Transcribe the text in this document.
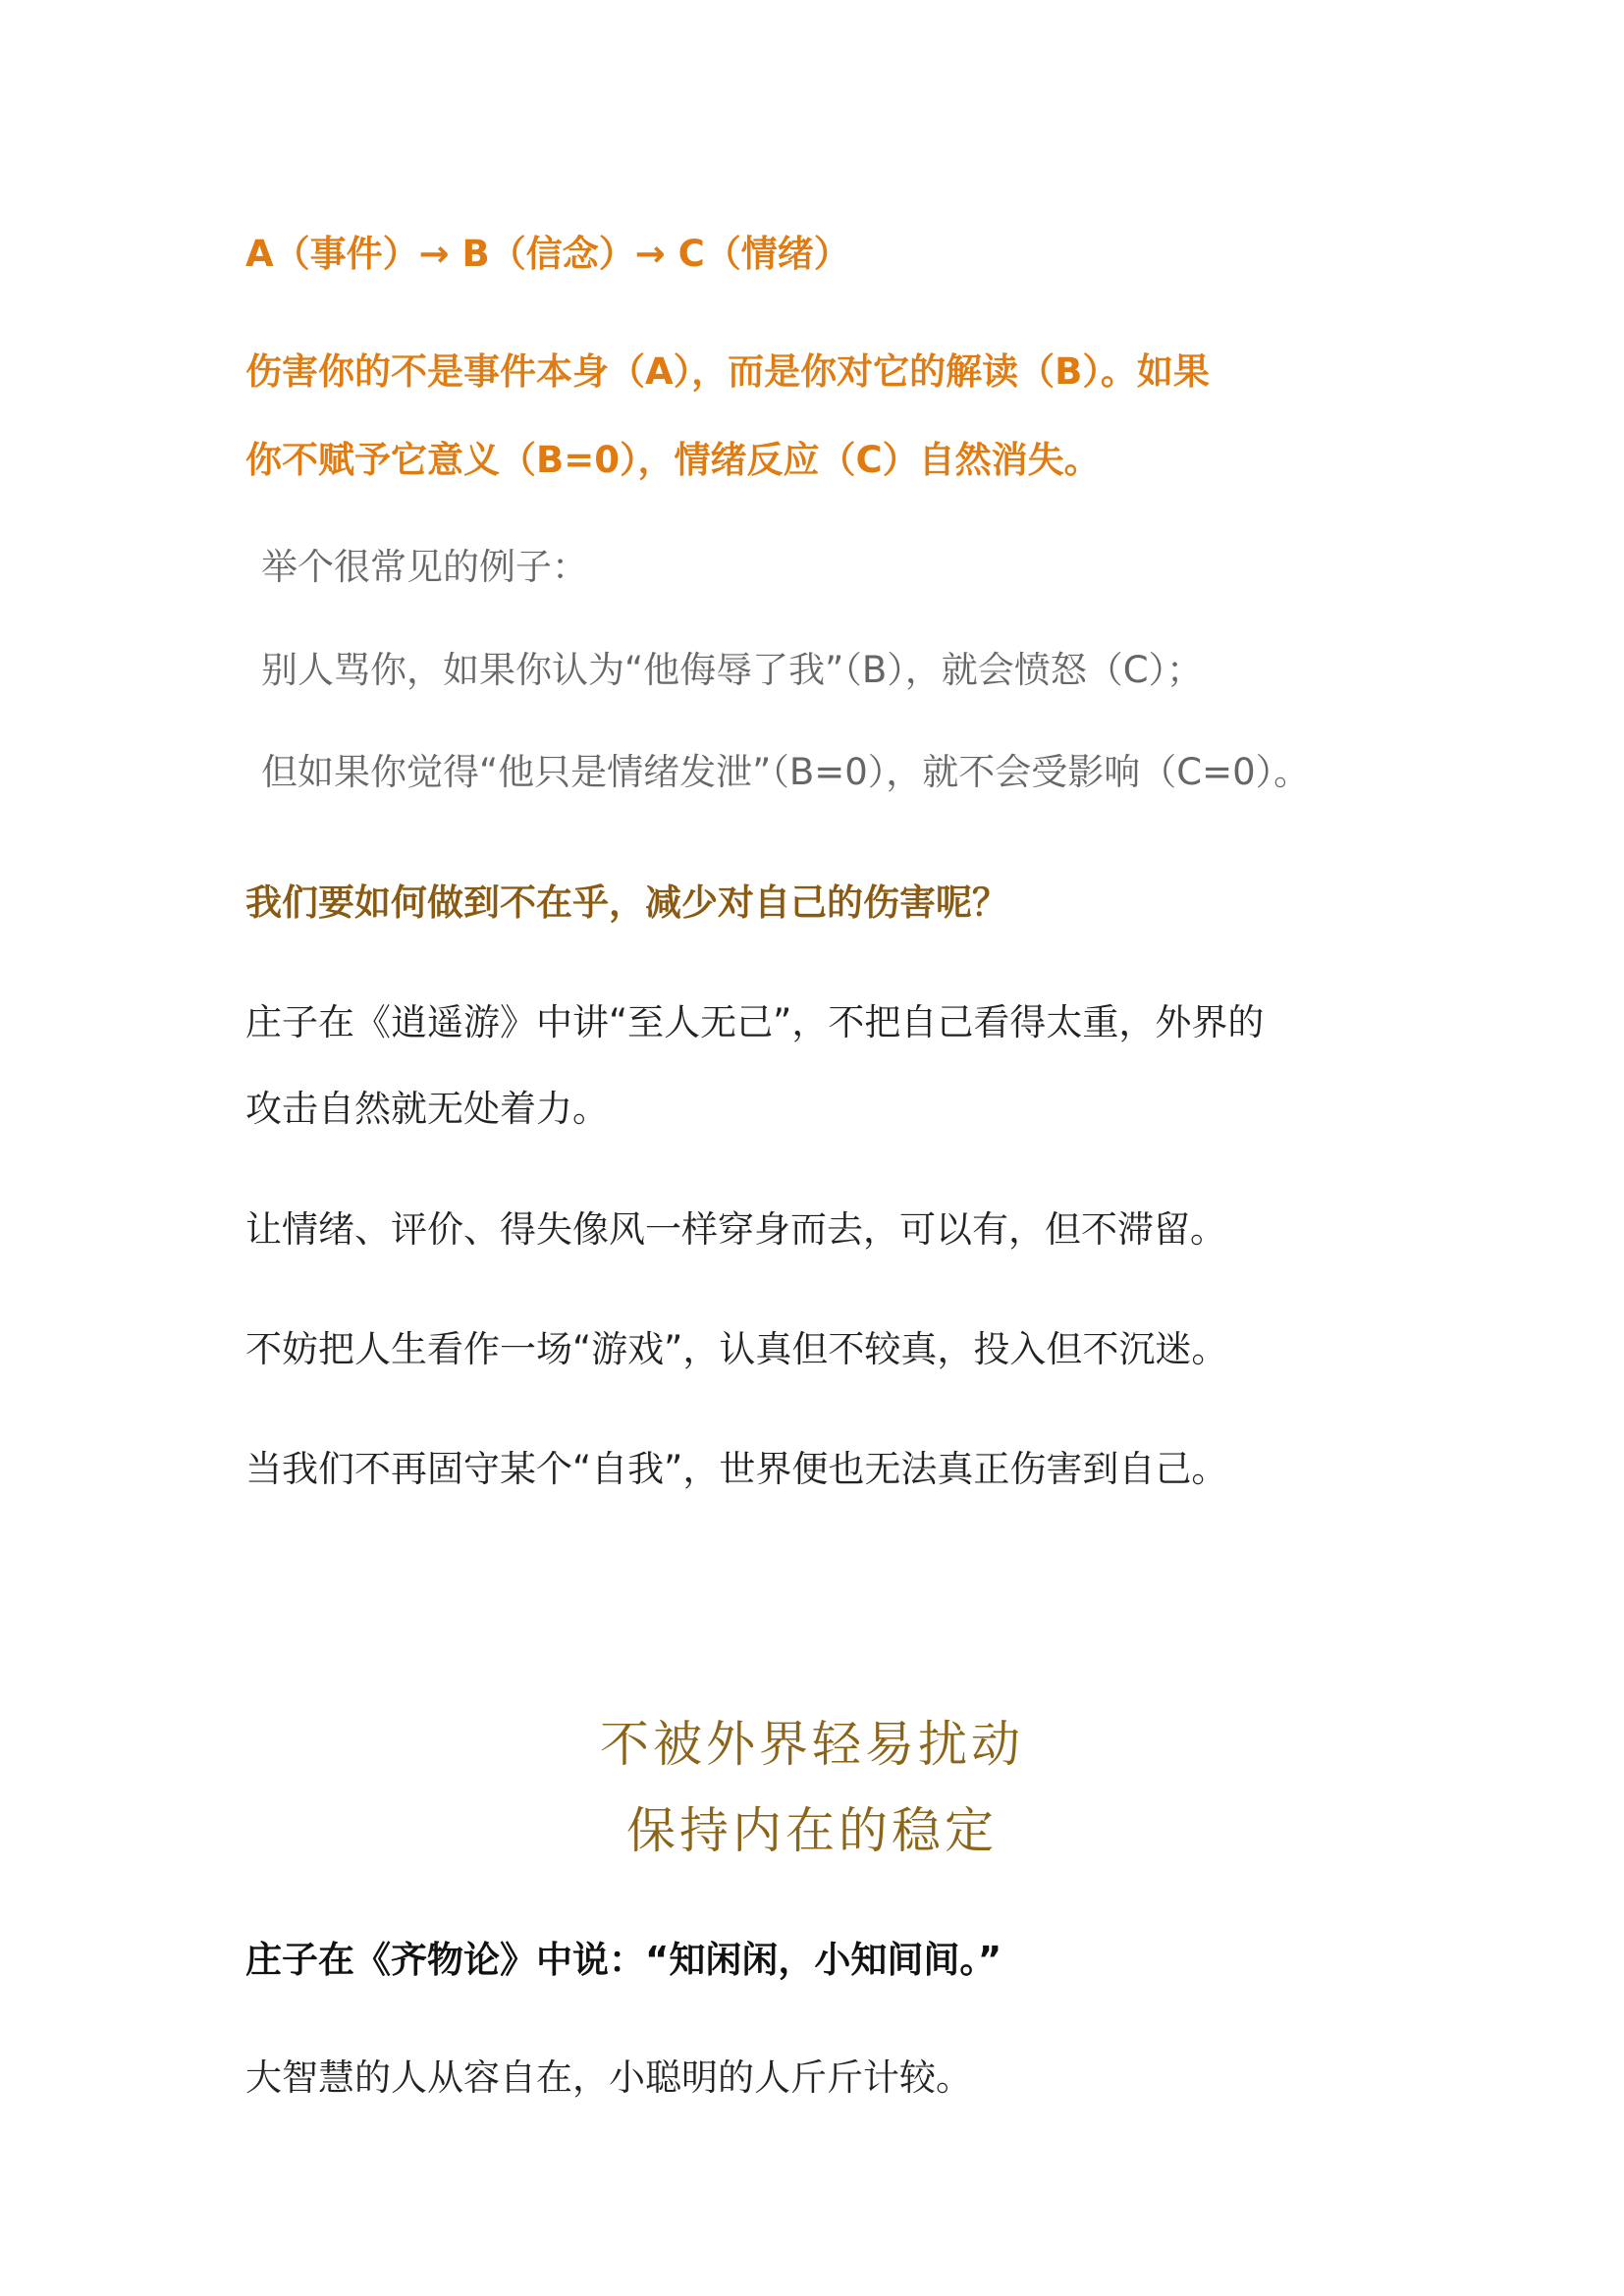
A（事件）→ B（信念）→ C（情绪）

伤害你的不是事件本身（A），而是你对它的解读（B）。如果

你不赋予它意义（B=0），情绪反应（C）自然消失。

举个很常见的例子：

别人骂你，如果你认为“他侮辱了我”（B），就会愤怒（C）；

但如果你觉得“他只是情绪发泄”（B=0），就不会受影响（C=0）。

我们要如何做到不在乎，减少对自己的伤害呢？

庄子在《逍遥游》中讲“至人无己”，不把自己看得太重，外界的

攻击自然就无处着力。

让情绪、评价、得失像风一样穿身而去，可以有，但不滞留。

不妨把人生看作一场“游戏”，认真但不较真，投入但不沉迷。

当我们不再固守某个“自我”，世界便也无法真正伤害到自己。

不被外界轻易扰动

保持内在的稳定

庄子在《齐物论》中说：“知闲闲，小知间间。”

大智慧的人从容自在，小聪明的人斤斤计较。
